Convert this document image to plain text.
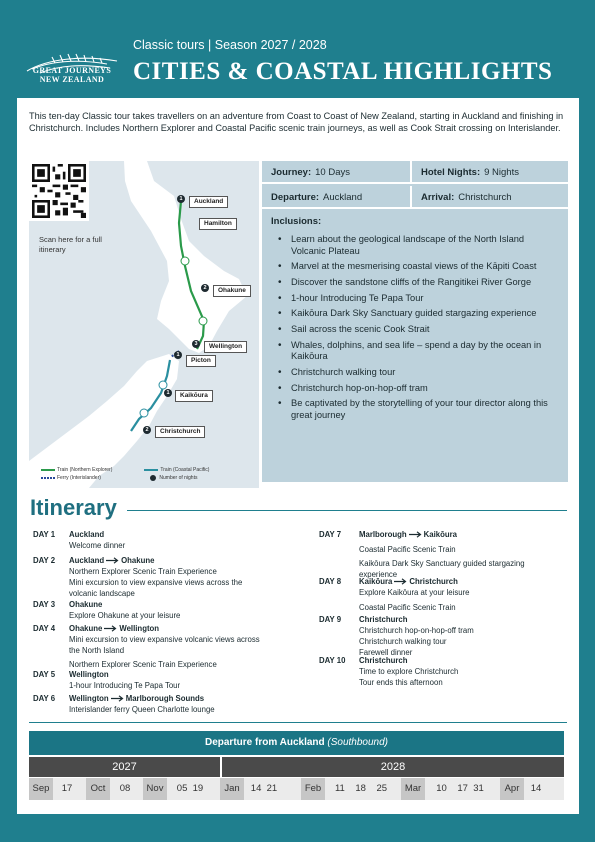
GREAT JOURNEYS
NEW ZEALAND
Classic tours | Season 2027 / 2028
CITIES & COASTAL HIGHLIGHTS
This ten-day Classic tour takes travellers on an adventure from Coast to Coast of New Zealand, starting in Auckland and finishing in Christchurch. Includes Northern Explorer and Coastal Pacific scenic train journeys, as well as Cook Strait crossing on Interislander.
Scan here for a full itinerary
1	Auckland
Hamilton
2	Ohakune
3	Wellington
1
Picton
1	Kaikōura
2	Christchurch
Train (Northern Explorer)	Train (Coastal Pacific)
Ferry (Interislander)	Number of nights
Journey: 10 Days	Hotel Nights: 9 Nights
Departure: Auckland	Arrival: Christchurch
Inclusions:
• Learn about the geological landscape of the North Island Volcanic Plateau
• Marvel at the mesmerising coastal views of the Kāpiti Coast
• Discover the sandstone cliffs of the Rangitikei River Gorge
• 1-hour Introducing Te Papa Tour
• Kaikōura Dark Sky Sanctuary guided stargazing experience
• Sail across the scenic Cook Strait
• Whales, dolphins, and sea life – spend a day by the ocean in Kaikōura
• Christchurch walking tour
• Christchurch hop-on-hop-off tram
• Be captivated by the storytelling of your tour director along this great journey
Itinerary
DAY 1	Auckland
Welcome dinner
DAY 2	Auckland Ohakune
Northern Explorer Scenic Train Experience
Mini excursion to view expansive views across the volcanic landscape
DAY 3	Ohakune
Explore Ohakune at your leisure
DAY 4	Ohakune Wellington
Mini excursion to view expansive volcanic views across the North Island
Northern Explorer Scenic Train Experience
DAY 5	Wellington
1-hour Introducing Te Papa Tour
DAY 6	Wellington Marlborough Sounds
Interislander ferry Queen Charlotte lounge
DAY 7	Marlborough Kaikōura
Coastal Pacific Scenic Train
Kaikōura Dark Sky Sanctuary guided stargazing experience
DAY 8	Kaikōura Christchurch
Explore Kaikōura at your leisure
Coastal Pacific Scenic Train
DAY 9	Christchurch
Christchurch hop-on-hop-off tram
Christchurch walking tour
Farewell dinner
DAY 10	Christchurch
Time to explore Christchurch
Tour ends this afternoon
Departure from Auckland (Southbound)
2027	2028
Sep	17	Oct	08	Nov	05  19	Jan	14  21	Feb	11    18    25	Mar	10    17  31	Apr	14
